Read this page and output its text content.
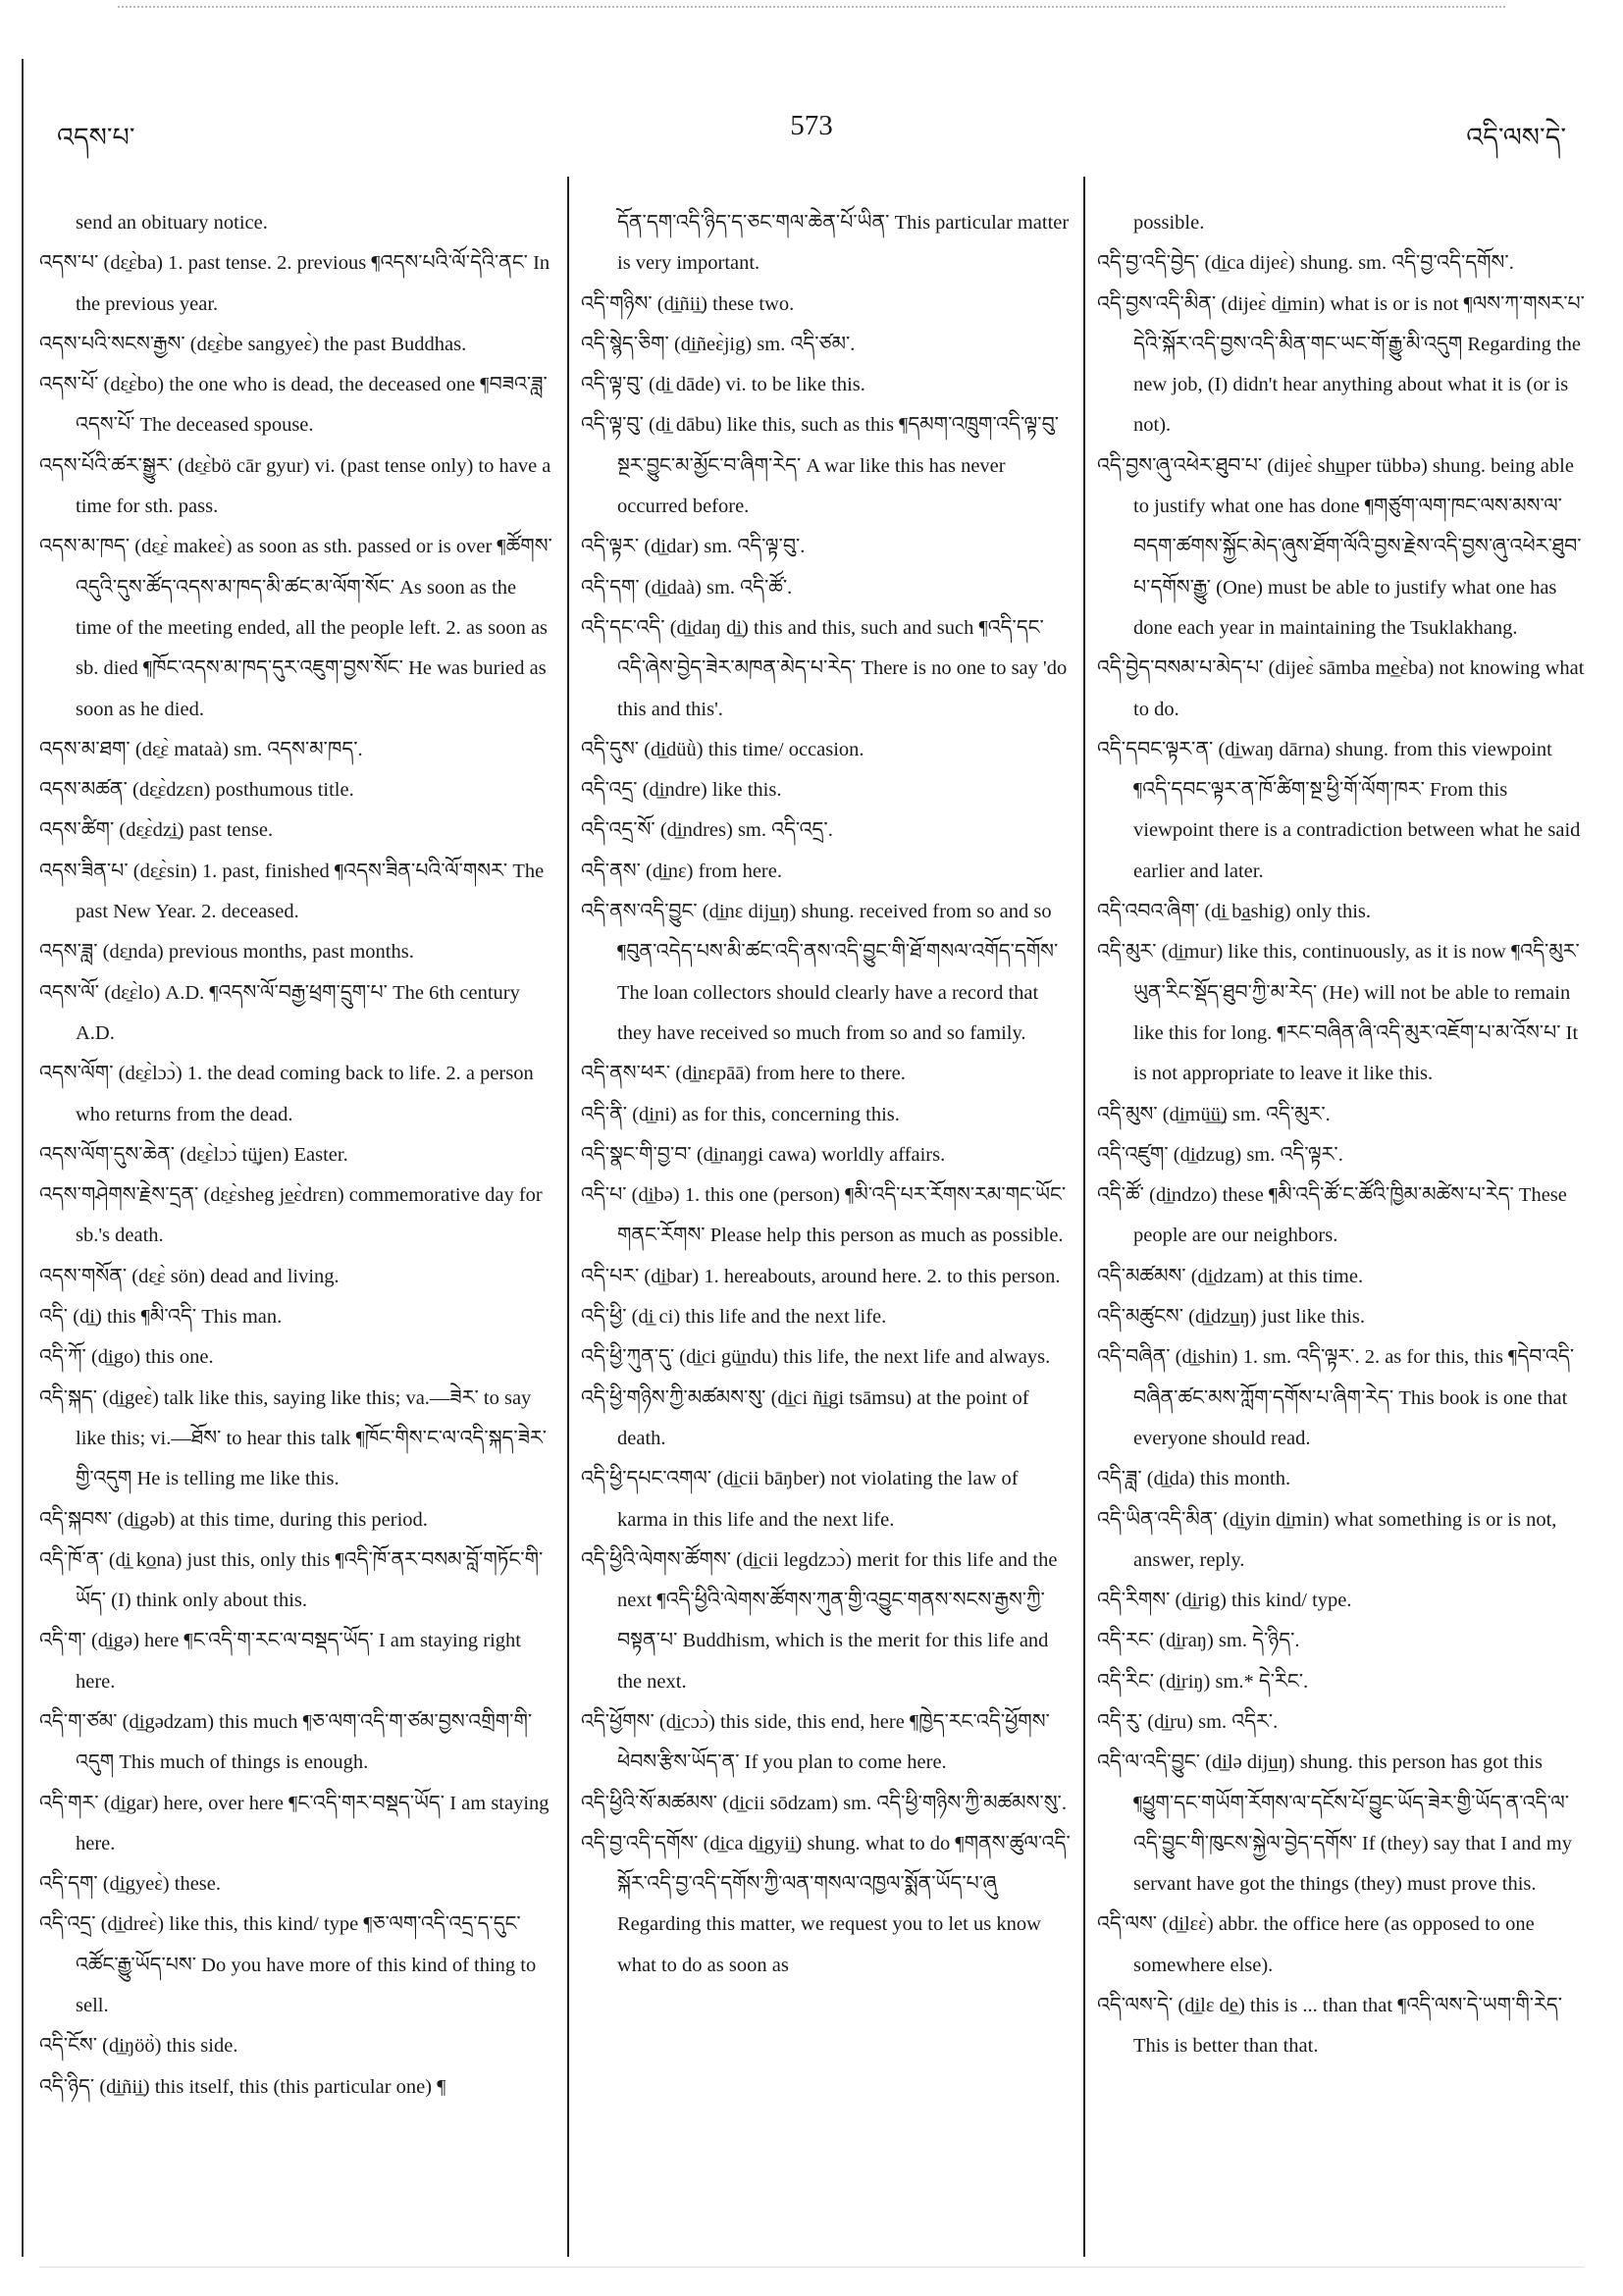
འདས་པ་	573	འདི་ལས་དེ་

send an obituary notice.

འདས་པ་ (dɛ̱ɛ̀ba) 1. past tense. 2. previous ¶འདས་པའི་ལོ་དེའི་ནང་ In the previous year.

འདས་པའི་སངས་རྒྱས་ (dɛ̱ɛ̀be sangyeɛ̀) the past Buddhas.

འདས་པོ་ (dɛ̱ɛ̀bo) the one who is dead, the deceased one ¶བཟའ་ཟླ་འདས་པོ་ The deceased spouse.

འདས་པོའི་ཚར་སྒྱུར་ (dɛ̱ɛ̀bö cār gyur) vi. (past tense only) to have a time for sth. pass.

འདས་མ་ཁད་ (dɛ̱ɛ̀ makeɛ̀) as soon as sth. passed or is over ¶ཚོགས་འདུའི་དུས་ཚོད་འདས་མ་ཁད་མི་ཚང་མ་ལོག་སོང་ As soon as the time of the meeting ended, all the people left. 2. as soon as sb. died ¶ཁོང་འདས་མ་ཁད་དུར་འཇུག་བྱས་སོང་ He was buried as soon as he died.

འདས་མ་ཐག་ (dɛ̱ɛ̀ mataà) sm. འདས་མ་ཁད་.

འདས་མཚན་ (dɛ̱ɛ̀dzɛn) posthumous title.

འདས་ཚིག་ (dɛ̱ɛ̀dzi̲) past tense.

འདས་ཟིན་པ་ (dɛ̱ɛ̀sin) 1. past, finished ¶འདས་ཟིན་པའི་ལོ་གསར་ The past New Year. 2. deceased.

འདས་ཟླ་ (dɛ̱nda) previous months, past months.

འདས་ལོ་ (dɛ̱ɛ̀lo) A.D. ¶འདས་ལོ་བརྒྱ་ཕྲག་དྲུག་པ་ The 6th century A.D.

འདས་ལོག་ (dɛ̱ɛ̀lɔɔ̀) 1. the dead coming back to life. 2. a person who returns from the dead.

འདས་ལོག་དུས་ཆེན་ (dɛ̱ɛ̀lɔɔ̀ tü̲jen) Easter.

འདས་གཤེགས་རྗེས་དྲན་ (dɛ̱ɛ̀sheg je̲ɛ̀drɛn) commemorative day for sb.'s death.

འདས་གསོན་ (dɛ̱ɛ̀ sön) dead and living.

འདི་ (di̲) this ¶མི་འདི་ This man.

འདི་ཀོ་ (di̲go) this one.

འདི་སྐད་ (di̲geɛ̀) talk like this, saying like this; va.—ཟེར་ to say like this; vi.—ཐོས་ to hear this talk ¶ཁོང་གིས་ང་ལ་འདི་སྐད་ཟེར་གྱི་འདུག He is telling me like this.

འདི་སྐབས་ (di̲gəb) at this time, during this period.

འདི་ཁོ་ན་ (di̲ ko̲na) just this, only this ¶འདི་ཁོ་ནར་བསམ་བློ་གཏོང་གི་ཡོད་ (I) think only about this.

འདི་ག་ (di̲gə) here ¶ང་འདི་ག་རང་ལ་བསྡད་ཡོད་ I am staying right here.

འདི་ག་ཙམ་ (di̲gədzam) this much ¶ཅ་ལག་འདི་ག་ཙམ་བྱས་འགྲིག་གི་འདུག This much of things is enough.

འདི་གར་ (di̲gar) here, over here ¶ང་འདི་གར་བསྡད་ཡོད་ I am staying here.

འདི་དག་ (di̲gyeɛ̀) these.

འདི་འདྲ་ (di̲dreɛ̀) like this, this kind/ type ¶ཅ་ལག་འདི་འདྲ་ད་དུང་འཚོང་རྒྱུ་ཡོད་པས་ Do you have more of this kind of thing to sell.

འདི་ངོས་ (di̲ŋöö̀) this side.

འདི་ཉིད་ (di̲ñii̲) this itself, this (this particular one) ¶

དོན་དག་འདི་ཉིད་ད་ཅང་གལ་ཆེན་པོ་ཡིན་ This particular matter is very important.

འདི་གཉིས་ (di̲ñii̲) these two.

འདི་སྙེད་ཅིག་ (di̲ñeɛ̀jig) sm. འདི་ཙམ་.

འདི་ལྟ་བུ་ (di̲ dāde) vi. to be like this.

འདི་ལྟ་བུ་ (di̲ dābu) like this, such as this ¶དམག་འཁྲུག་འདི་ལྟ་བུ་སྔར་བྱུང་མ་མྱོང་བ་ཞིག་རེད་ A war like this has never occurred before.

འདི་ལྟར་ (di̲dar) sm. འདི་ལྟ་བུ་.

འདི་དག་ (di̲daà) sm. འདི་ཚོ་.

འདི་དང་འདི་ (di̲daŋ di̲) this and this, such and such ¶འདི་དང་འདི་ཞེས་བྱེད་ཟེར་མཁན་མེད་པ་རེད་ There is no one to say 'do this and this'.

འདི་དུས་ (di̲düǜ) this time/ occasion.

འདི་འདྲ་ (di̲ndre) like this.

འདི་འདྲ་སོ་ (di̲ndres) sm. འདི་འདྲ་.

འདི་ནས་ (di̲nɛ) from here.

འདི་ནས་འདི་བྱུང་ (di̲nɛ diju̲ŋ) shung. received from so and so ¶བུན་འདེད་པས་མི་ཚང་འདི་ནས་འདི་བྱུང་གི་ཐོ་གསལ་འགོད་དགོས་ The loan collectors should clearly have a record that they have received so much from so and so family.

འདི་ནས་ཕར་ (di̲nɛpāā) from here to there.

འདི་ནི་ (di̲ni) as for this, concerning this.

འདི་སྣང་གི་བྱ་བ་ (di̲naŋgi cawa) worldly affairs.

འདི་པ་ (di̲bə) 1. this one (person) ¶མི་འདི་པར་རོགས་རམ་གང་ཡོང་གནང་རོགས་ Please help this person as much as possible.

འདི་པར་ (di̲bar) 1. hereabouts, around here. 2. to this person.

འདི་ཕྱི་ (di̲ ci) this life and the next life.

འདི་ཕྱི་ཀུན་དུ་ (di̲ci gü̲ndu) this life, the next life and always.

འདི་ཕྱི་གཉིས་ཀྱི་མཚམས་སུ་ (di̲ci ñi̲gi tsāmsu) at the point of death.

འདི་ཕྱི་དཔང་འགལ་ (di̲cii bāŋber) not violating the law of karma in this life and the next life.

འདི་ཕྱིའི་ལེགས་ཚོགས་ (di̲cii legdzɔɔ̀) merit for this life and the next ¶འདི་ཕྱིའི་ལེགས་ཚོགས་ཀུན་གྱི་འབྱུང་གནས་སངས་རྒྱས་ཀྱི་བསྟན་པ་ Buddhism, which is the merit for this life and the next.

འདི་ཕྱོགས་ (di̲cɔɔ̀) this side, this end, here ¶ཁྱེད་རང་འདི་ཕྱོགས་ཕེབས་རྩིས་ཡོད་ན་ If you plan to come here.

འདི་ཕྱིའི་སོ་མཚམས་ (di̲cii sōdzam) sm. འདི་ཕྱི་གཉིས་ཀྱི་མཚམས་སུ་.

འདི་བྱ་འདི་དགོས་ (di̲ca di̲gyii̲) shung. what to do ¶གནས་ཚུལ་འདི་སྐོར་འདི་བྱ་འདི་དགོས་ཀྱི་ལན་གསལ་འཁྱལ་སྨོན་ཡོད་པ་ཞུ Regarding this matter, we request you to let us know what to do as soon as

possible.

འདི་བྱ་འདི་བྱེད་ (di̲ca dijeɛ̀) shung. sm. འདི་བྱ་འདི་དགོས་.

འདི་བྱས་འདི་མིན་ (dijeɛ̀ di̲min) what is or is not ¶ལས་ཀ་གསར་པ་དེའི་སྐོར་འདི་བྱས་འདི་མིན་གང་ཡང་གོ་རྒྱུ་མི་འདུག Regarding the new job, (I) didn't hear anything about what it is (or is not).

འདི་བྱས་ཞུ་འཕེར་ཐུབ་པ་ (dijeɛ̀ shu̲per tübbə) shung. being able to justify what one has done ¶གཙུག་ལག་ཁང་ལས་མས་ལ་བདག་ཚགས་སྐྱོང་མེད་ཞུས་ཐོག་ལོའི་བྱས་རྗེས་འདི་བྱས་ཞུ་འཕེར་ཐུབ་པ་དགོས་རྒྱུ་ (One) must be able to justify what one has done each year in maintaining the Tsuklakhang.

འདི་བྱེད་བསམ་པ་མེད་པ་ (dijeɛ̀ sāmba me̲ɛ̀ba) not knowing what to do.

འདི་དབང་ལྟར་ན་ (di̲waŋ dārna) shung. from this viewpoint ¶འདི་དབང་ལྟར་ན་ཁོ་ཚིག་སྔ་ཕྱི་གོ་ལོག་ཁར་ From this viewpoint there is a contradiction between what he said earlier and later.

འདི་འབའ་ཞིག་ (di̲ ba̲shig) only this.

འདི་མུར་ (di̲mur) like this, continuously, as it is now ¶འདི་མུར་ཡུན་རིང་སྡོད་ཐུབ་ཀྱི་མ་རེད་ (He) will not be able to remain like this for long. ¶རང་བཞིན་ཞི་འདི་མུར་འཇོག་པ་མ་འོས་པ་ It is not appropriate to leave it like this.

འདི་མུས་ (di̲mü̲ü̲) sm. འདི་མུར་.

འདི་འཛུག་ (di̲dzug) sm. འདི་ལྟར་.

འདི་ཚོ་ (di̲ndzo) these ¶མི་འདི་ཚོ་ང་ཚོའི་ཁྱིམ་མཚེས་པ་རེད་ These people are our neighbors.

འདི་མཚམས་ (di̲dzam) at this time.

འདི་མཚུངས་ (di̲dzu̲ŋ) just like this.

འདི་བཞིན་ (di̲shin) 1. sm. འདི་ལྟར་. 2. as for this, this ¶དེབ་འདི་བཞིན་ཚང་མས་ཀློག་དགོས་པ་ཞིག་རེད་ This book is one that everyone should read.

འདི་ཟླ་ (di̲da) this month.

འདི་ཡིན་འདི་མིན་ (di̲yin di̲min) what something is or is not, answer, reply.

འདི་རིགས་ (di̲rig) this kind/ type.

འདི་རང་ (di̲raŋ) sm. དེ་ཉིད་.

འདི་རིང་ (di̲riŋ) sm.* དེ་རིང་.

འདི་རུ་ (di̲ru) sm. འདིར་.

འདི་ལ་འདི་བྱུང་ (di̲lə diju̲ŋ) shung. this person has got this ¶ཕྱུག་དང་གཡོག་རོགས་ལ་དངོས་པོ་བྱུང་ཡོད་ཟེར་གྱི་ཡོད་ན་འདི་ལ་འདི་བྱུང་གི་ཁུངས་སྐྱེལ་བྱེད་དགོས་ If (they) say that I and my servant have got the things (they) must prove this.

འདི་ལས་ (di̲lɛɛ̀) abbr. the office here (as opposed to one somewhere else).

འདི་ལས་དེ་ (di̲lɛ de̲) this is ... than that ¶འདི་ལས་དེ་ཡག་གི་རེད་ This is better than that.
